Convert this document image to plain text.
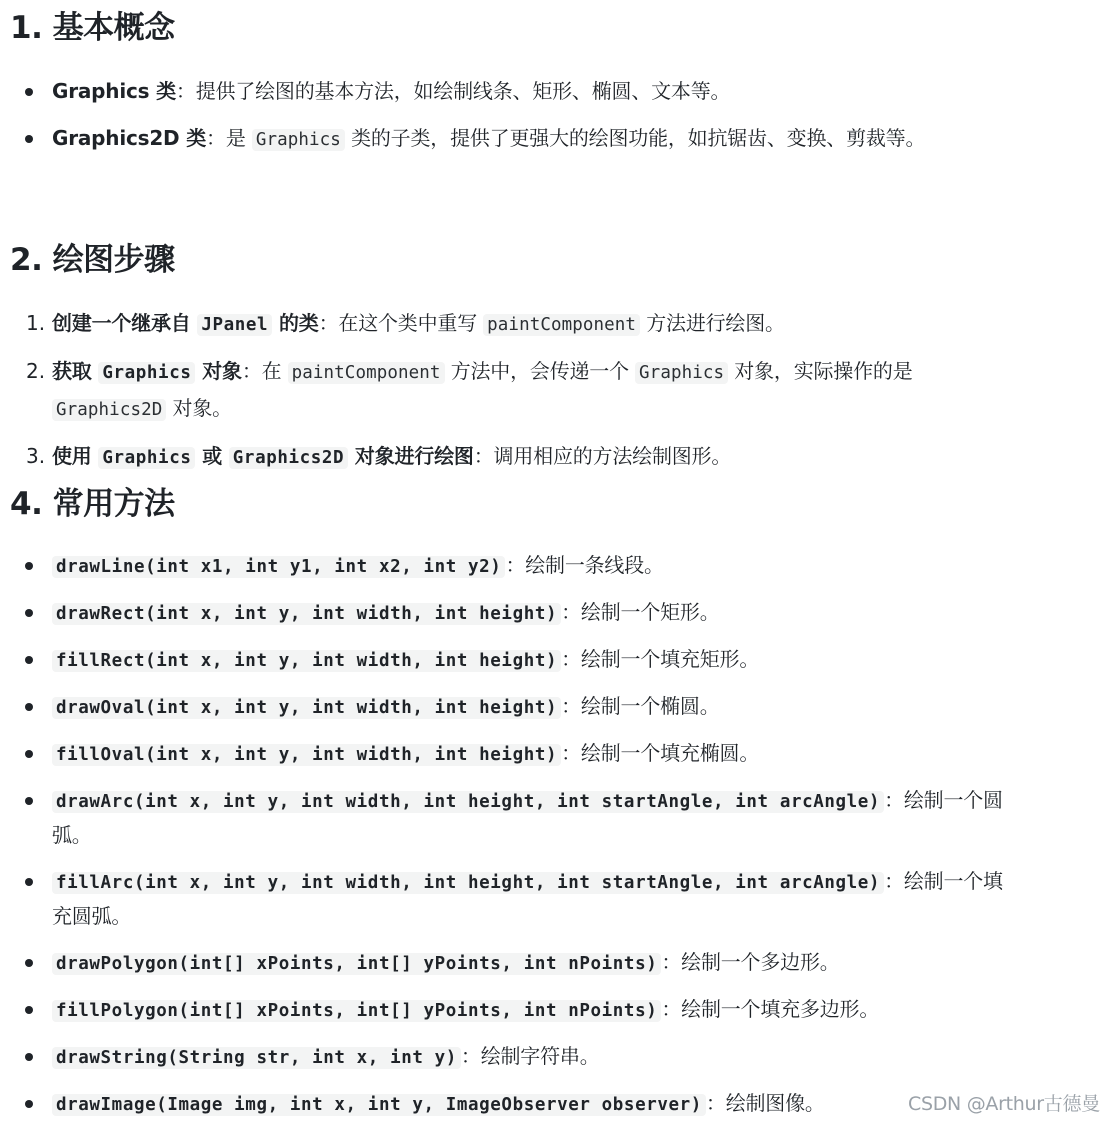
1. 基本概念
Graphics 类：提供了绘图的基本方法，如绘制线条、矩形、椭圆、文本等。
Graphics2D 类：是 Graphics 类的子类，提供了更强大的绘图功能，如抗锯齿、变换、剪裁等。
2. 绘图步骤
1. 创建一个继承自 JPanel 的类：在这个类中重写 paintComponent 方法进行绘图。
2. 获取 Graphics 对象：在 paintComponent 方法中，会传递一个 Graphics 对象，实际操作的是
Graphics2D 对象。
3. 使用 Graphics 或 Graphics2D 对象进行绘图：调用相应的方法绘制图形。
4. 常用方法
drawLine(int x1, int y1, int x2, int y2) ：绘制一条线段。
drawRect(int x, int y, int width, int height) ：绘制一个矩形。
fillRect(int x, int y, int width, int height) ：绘制一个填充矩形。
drawOval(int x, int y, int width, int height) ：绘制一个椭圆。
fillOval(int x, int y, int width, int height) ：绘制一个填充椭圆。
drawArc(int x, int y, int width, int height, int startAngle, int arcAngle) ：绘制一个圆
弧。
fillArc(int x, int y, int width, int height, int startAngle, int arcAngle) ：绘制一个填
充圆弧。
drawPolygon(int[] xPoints, int[] yPoints, int nPoints) ：绘制一个多边形。
fillPolygon(int[] xPoints, int[] yPoints, int nPoints) ：绘制一个填充多边形。
drawString(String str, int x, int y) ：绘制字符串。
drawImage(Image img, int x, int y, ImageObserver observer) ：绘制图像。	CSDN @Arthur古德曼
